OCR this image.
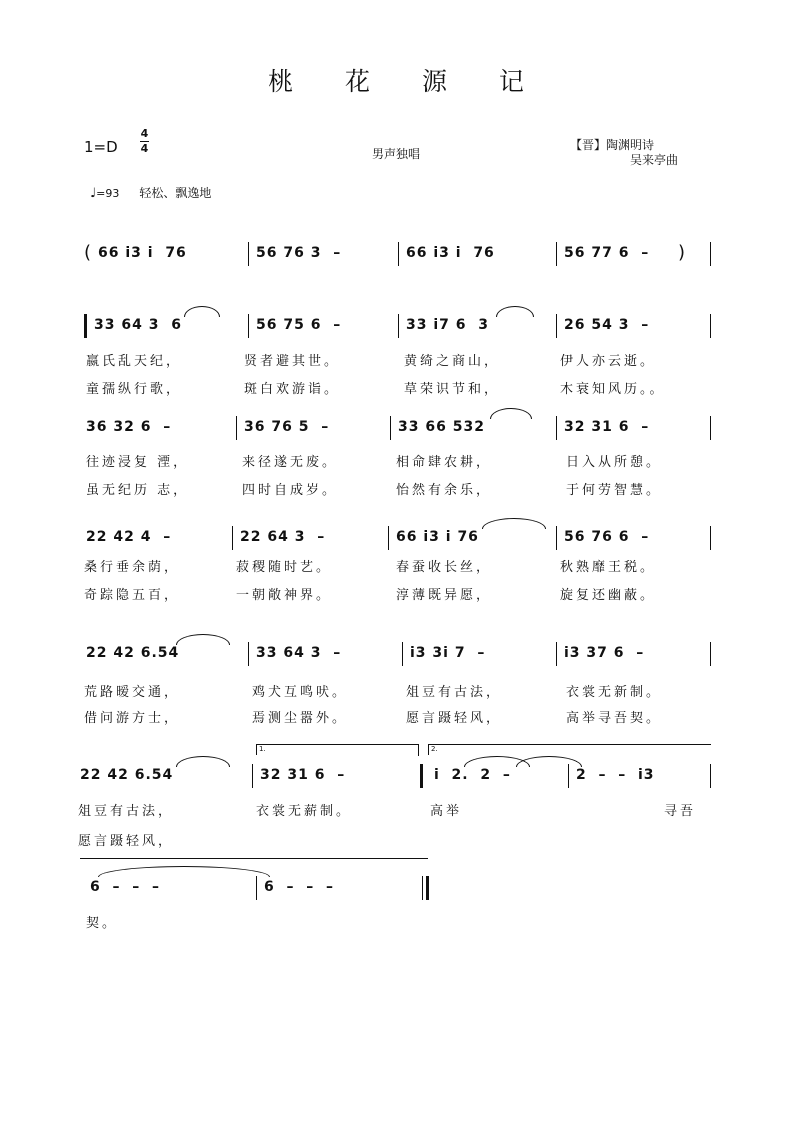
桃 花 源 记
1=D
4
4	男声独唱
【晋】陶渊明诗
吴来亭曲
♩=93 轻松、飘逸地
( 66 i3 i  76	56 76 3  –	66 i3 i  76	56 77 6  – )
33 64 3  6	56 75 6  –	33 i7 6  3	26 54 3  –
嬴氏乱天纪，	贤者避其世。	黄绮之商山，	伊人亦云逝。
童孺纵行歌，	斑白欢游诣。	草荣识节和，	木衰知风历。。
36 32 6  –	36 76 5  –	33 66 532	32 31 6  –
往迹浸复 湮，	来径遂无废。	相命肆农耕，	日入从所憩。
虽无纪历 志，	四时自成岁。	怡然有余乐，	于何劳智慧。
22 42 4  –	22 64 3  –	66 i3 i 76	56 76 6  –
桑行垂余荫，	菽稷随时艺。	春蚕收长丝，	秋熟靡王税。
奇踪隐五百，	一朝敞神界。	淳薄既异愿，	旋复还幽蔽。
22 42 6.54	33 64 3  –	i3 3i 7  –	i3 37 6  –
荒路暧交通，	鸡犬互鸣吠。	俎豆有古法，	衣裳无新制。
借问游方士，	焉测尘嚣外。	愿言蹑轻风，	高举寻吾契。
1.	2.
22 42 6.54	32 31 6  –	i  2.  2  –	2  –  –  i3
俎豆有古法，	衣裳无薪制。	高举	寻吾
愿言蹑轻风，
6  –  –  –	6  –  –  –
契。
